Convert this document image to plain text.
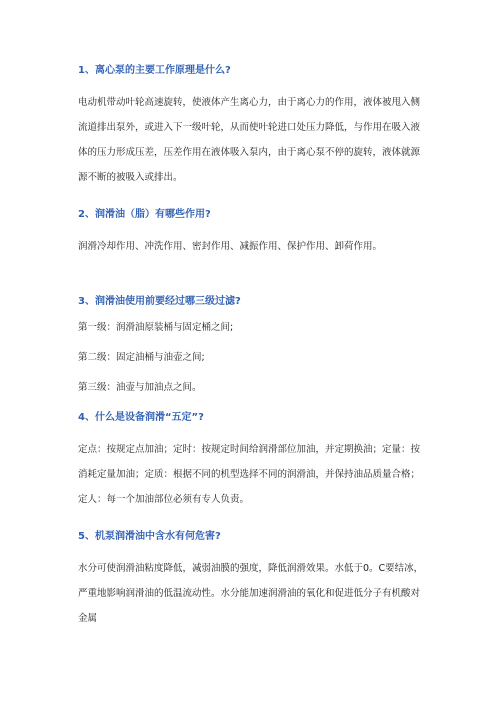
1、离心泵的主要工作原理是什么?
电动机带动叶轮高速旋转，使液体产生离心力，由于离心力的作用，液体被甩入侧流道排出泵外，或进入下一级叶轮，从而使叶轮进口处压力降低，与作用在吸入液体的压力形成压差，压差作用在液体吸入泵内，由于离心泵不停的旋转，液体就源源不断的被吸入或排出。
2、润滑油（脂）有哪些作用?
润滑冷却作用、冲洗作用、密封作用、减振作用、保护作用、卸荷作用。
3、润滑油使用前要经过哪三级过滤?
第一级：润滑油原装桶与固定桶之间;
第二级：固定油桶与油壶之间;
第三级：油壶与加油点之间。
4、什么是设备润滑“五定”?
定点：按规定点加油；定时：按规定时间给润滑部位加油，并定期换油；定量：按消耗定量加油；定质：根据不同的机型选择不同的润滑油，并保持油品质量合格；定人：每一个加油部位必须有专人负责。
5、机泵润滑油中含水有何危害?
水分可使润滑油粘度降低，减弱油膜的强度，降低润滑效果。水低于0。C要结冰，严重地影响润滑油的低温流动性。水分能加速润滑油的氧化和促进低分子有机酸对金属
